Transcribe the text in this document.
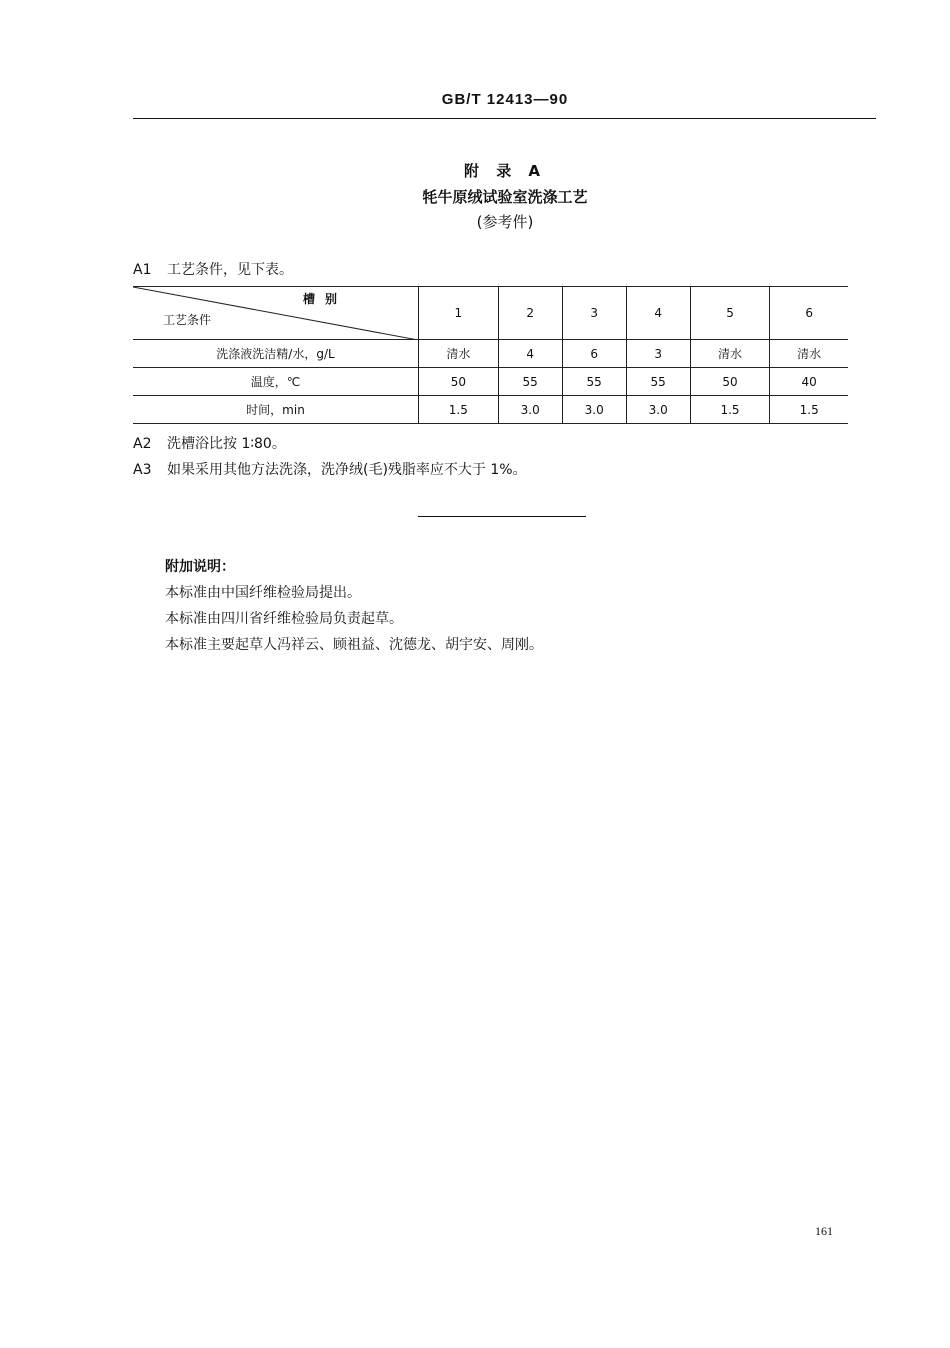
GB/T 12413—90
附 录 A
牦牛原绒试验室洗涤工艺
(参考件)
A1 工艺条件，见下表。
槽别
工艺条件	1	2	3	4	5	6
洗涤液洗洁精/水，g/L	清水	4	6	3	清水	清水
温度，℃	50	55	55	55	50	40
时间，min	1.5	3.0	3.0	3.0	1.5	1.5
A2 洗槽浴比按 1∶80。
A3 如果采用其他方法洗涤，洗净绒(毛)残脂率应不大于 1%。
附加说明：
本标准由中国纤维检验局提出。
本标准由四川省纤维检验局负责起草。
本标准主要起草人冯祥云、顾祖益、沈德龙、胡宇安、周刚。
161
